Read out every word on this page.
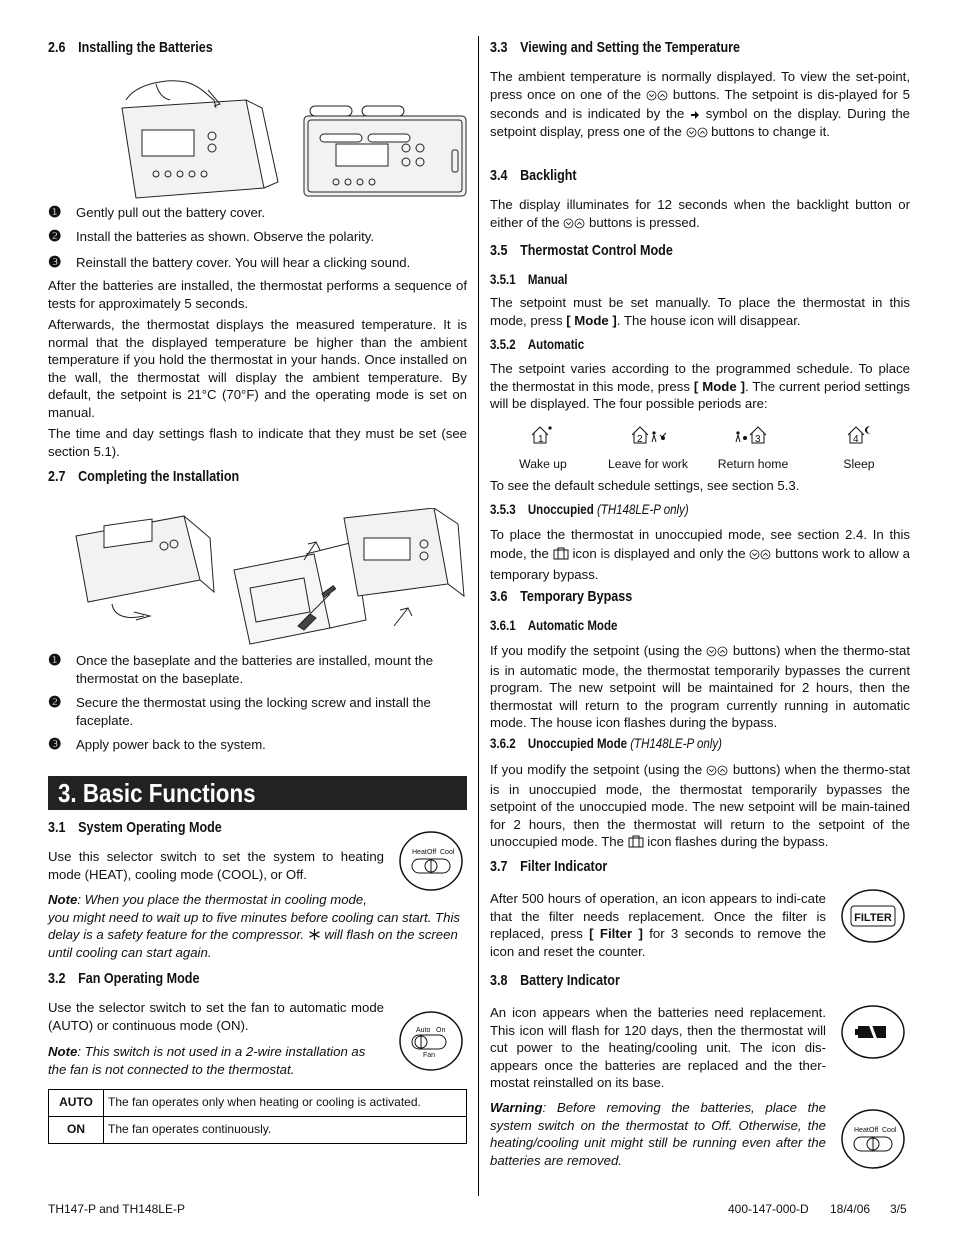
2.6 Installing the Batteries
❶ Gently pull out the battery cover.
❷ Install the batteries as shown. Observe the polarity.
❸ Reinstall the battery cover. You will hear a clicking sound.

After the batteries are installed, the thermostat performs a sequence of tests for approximately 5 seconds.

Afterwards, the thermostat displays the measured temperature. It is normal that the displayed temperature be higher than the ambient temperature if you hold the thermostat in your hands. Once installed on the wall, the thermostat will display the ambient temperature. By default, the setpoint is 21°C (70°F) and the operating mode is set on manual.

The time and day settings flash to indicate that they must be set (see section 5.1).

2.7 Completing the Installation
❶ Once the baseplate and the batteries are installed, mount the thermostat on the baseplate.
❷ Secure the thermostat using the locking screw and install the faceplate.
❸ Apply power back to the system.
3. Basic Functions
3.1 System Operating Mode

Use this selector switch to set the system to heating mode (HEAT), cooling mode (COOL), or Off.

Heat Off Cool

Note: When you place the thermostat in cooling mode,
you might need to wait up to five minutes before cooling can start. This delay is a safety feature for the compressor. will flash on the screen until cooling can start again.

3.2 Fan Operating Mode

Use the selector switch to set the fan to automatic mode (AUTO) or continuous mode (ON).

Note: This switch is not used in a 2-wire installation as the fan is not connected to the thermostat.

Auto On
Fan
AUTO	The fan operates only when heating or cooling is activated.
ON	The fan operates continuously.
3.3 Viewing and Setting the Temperature

The ambient temperature is normally displayed. To view the set-point, press once on one of the buttons. The setpoint is dis-played for 5 seconds and is indicated by the symbol on the display. During the setpoint display, press one of the buttons to change it.

3.4 Backlight

The display illuminates for 12 seconds when the backlight button or either of the buttons is pressed.

3.5 Thermostat Control Mode
3.5.1 Manual

The setpoint must be set manually. To place the thermostat in this mode, press [ Mode ]. The house icon will disappear.

3.5.2 Automatic

The setpoint varies according to the programmed schedule. To place the thermostat in this mode, press [ Mode ]. The current period settings will be displayed. The four possible periods are:

1	2	3	4
Wake up	Leave for work	Return home	Sleep

To see the default schedule settings, see section 5.3.

3.5.3 Unoccupied (TH148LE-P only)

To place the thermostat in unoccupied mode, see section 2.4. In this mode, the icon is displayed and only the buttons work to allow a temporary bypass.

3.6 Temporary Bypass
3.6.1 Automatic Mode

If you modify the setpoint (using the buttons) when the thermo-stat is in automatic mode, the thermostat temporarily bypasses the current program. The new setpoint will be maintained for 2 hours, then the thermostat will return to the program currently running in automatic mode. The house icon flashes during the bypass.

3.6.2 Unoccupied Mode (TH148LE-P only)

If you modify the setpoint (using the buttons) when the thermo-stat is in unoccupied mode, the thermostat temporarily bypasses the setpoint of the unoccupied mode. The new setpoint will be main-tained for 2 hours, then the thermostat will return to the setpoint of the unoccupied mode. The icon flashes during the bypass.

3.7 Filter Indicator

After 500 hours of operation, an icon appears to indi-cate that the filter needs replacement. Once the filter is replaced, press [ Filter ] for 3 seconds to remove the icon and reset the counter.

FILTER
3.8 Battery Indicator

An icon appears when the batteries need replacement. This icon will flash for 120 days, then the thermostat will cut power to the heating/cooling unit. The icon dis-appears once the batteries are replaced and the ther-mostat reinstalled on its base.

Warning: Before removing the batteries, place the system switch on the thermostat to Off. Otherwise, the heating/cooling unit might still be running even after the batteries are removed.

Heat Off Cool
TH147-P and TH148LE-P	400-147-000-D 18/4/06 3/5
